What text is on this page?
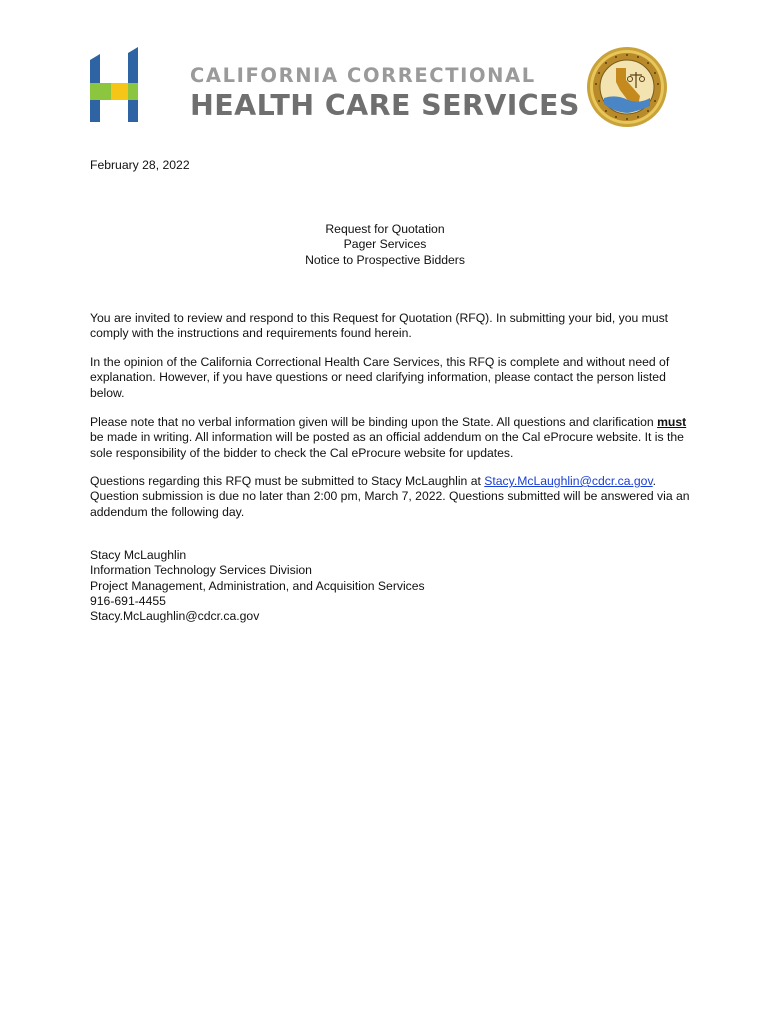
CALIFORNIA CORRECTIONAL
HEALTH CARE SERVICES
February 28, 2022
Request for Quotation
Pager Services
Notice to Prospective Bidders
You are invited to review and respond to this Request for Quotation (RFQ). In submitting your bid, you must comply with the instructions and requirements found herein.
In the opinion of the California Correctional Health Care Services, this RFQ is complete and without need of explanation. However, if you have questions or need clarifying information, please contact the person listed below.
Please note that no verbal information given will be binding upon the State. All questions and clarification must be made in writing. All information will be posted as an official addendum on the Cal eProcure website. It is the sole responsibility of the bidder to check the Cal eProcure website for updates.
Questions regarding this RFQ must be submitted to Stacy McLaughlin at Stacy.McLaughlin@cdcr.ca.gov. Question submission is due no later than 2:00 pm, March 7, 2022. Questions submitted will be answered via an addendum the following day.
Stacy McLaughlin
Information Technology Services Division
Project Management, Administration, and Acquisition Services
916-691-4455
Stacy.McLaughlin@cdcr.ca.gov
